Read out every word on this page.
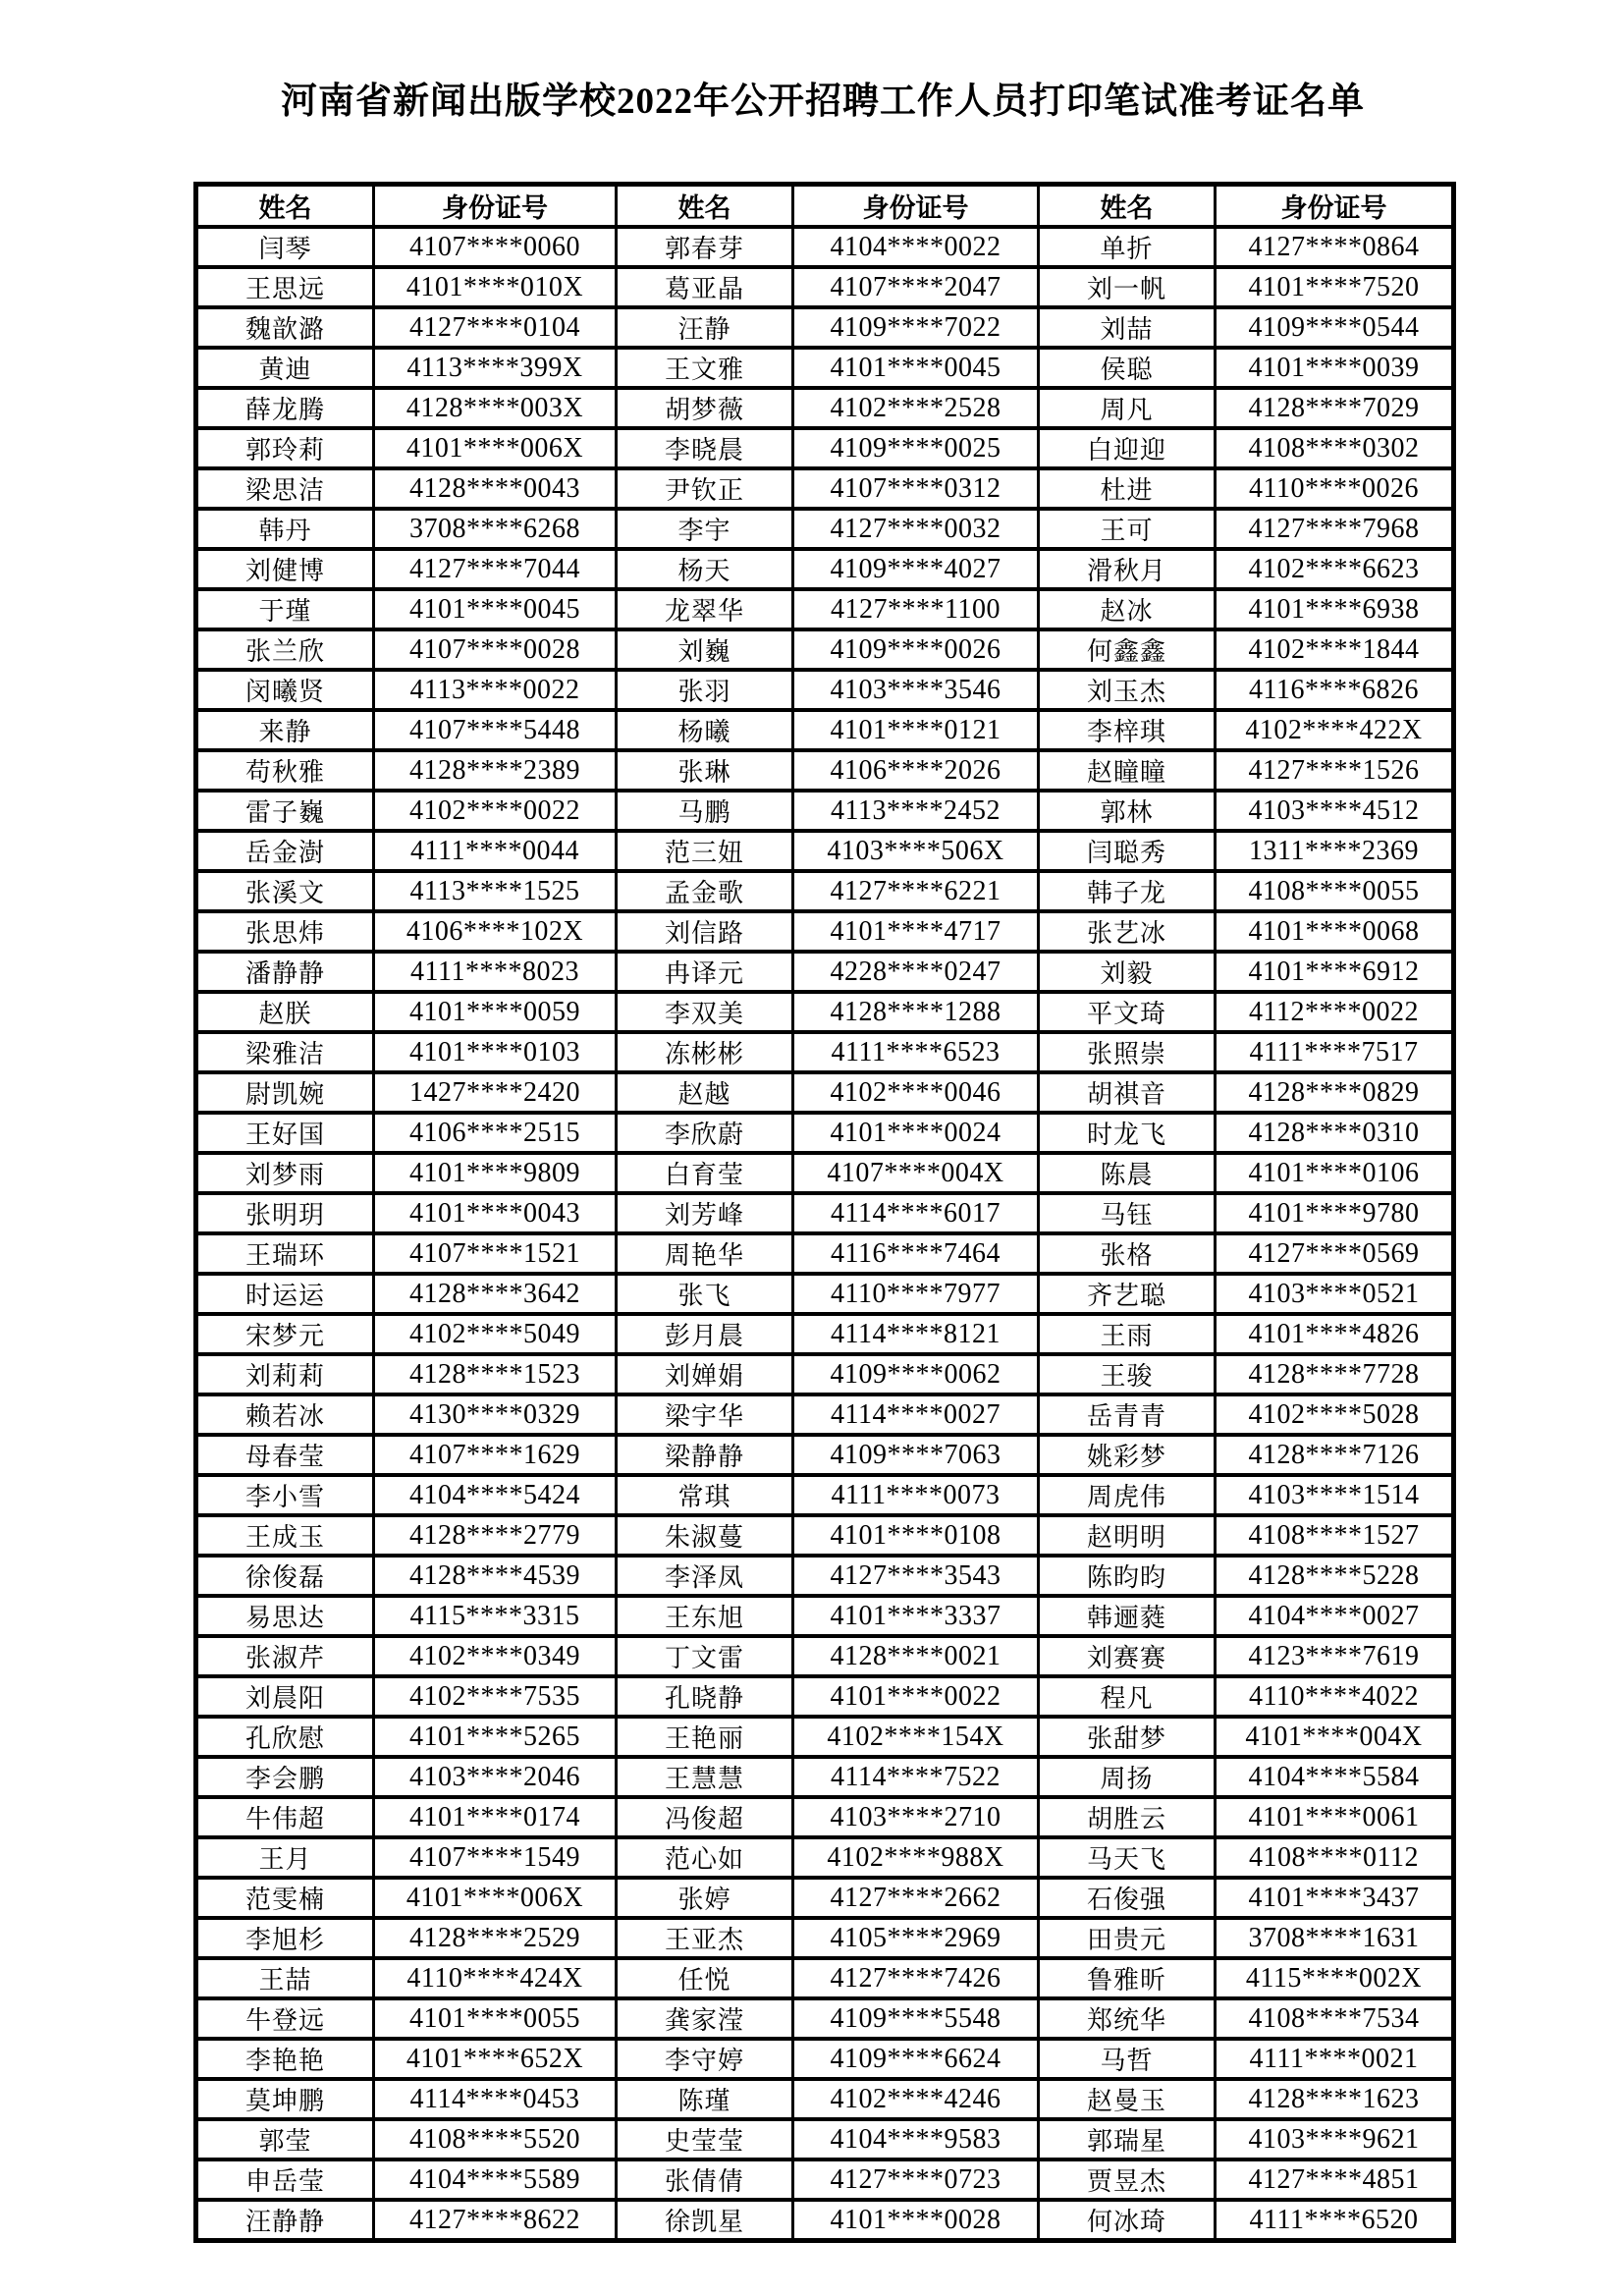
河南省新闻出版学校2022年公开招聘工作人员打印笔试准考证名单
姓名	身份证号	姓名	身份证号	姓名	身份证号
闫琴	4107****0060	郭春芽	4104****0022	单折	4127****0864
王思远	4101****010X	葛亚晶	4107****2047	刘一帆	4101****7520
魏歆潞	4127****0104	汪静	4109****7022	刘喆	4109****0544
黄迪	4113****399X	王文雅	4101****0045	侯聪	4101****0039
薛龙腾	4128****003X	胡梦薇	4102****2528	周凡	4128****7029
郭玲莉	4101****006X	李晓晨	4109****0025	白迎迎	4108****0302
梁思洁	4128****0043	尹钦正	4107****0312	杜进	4110****0026
韩丹	3708****6268	李宇	4127****0032	王可	4127****7968
刘健博	4127****7044	杨天	4109****4027	滑秋月	4102****6623
于瑾	4101****0045	龙翠华	4127****1100	赵冰	4101****6938
张兰欣	4107****0028	刘巍	4109****0026	何鑫鑫	4102****1844
闵曦贤	4113****0022	张羽	4103****3546	刘玉杰	4116****6826
来静	4107****5448	杨曦	4101****0121	李梓琪	4102****422X
苟秋雅	4128****2389	张琳	4106****2026	赵瞳瞳	4127****1526
雷子巍	4102****0022	马鹏	4113****2452	郭林	4103****4512
岳金澍	4111****0044	范三妞	4103****506X	闫聪秀	1311****2369
张溪文	4113****1525	孟金歌	4127****6221	韩子龙	4108****0055
张思炜	4106****102X	刘信路	4101****4717	张艺冰	4101****0068
潘静静	4111****8023	冉译元	4228****0247	刘毅	4101****6912
赵朕	4101****0059	李双美	4128****1288	平文琦	4112****0022
梁雅洁	4101****0103	冻彬彬	4111****6523	张照崇	4111****7517
尉凯婉	1427****2420	赵越	4102****0046	胡祺音	4128****0829
王好国	4106****2515	李欣蔚	4101****0024	时龙飞	4128****0310
刘梦雨	4101****9809	白育莹	4107****004X	陈晨	4101****0106
张明玥	4101****0043	刘芳峰	4114****6017	马钰	4101****9780
王瑞环	4107****1521	周艳华	4116****7464	张格	4127****0569
时运运	4128****3642	张飞	4110****7977	齐艺聪	4103****0521
宋梦元	4102****5049	彭月晨	4114****8121	王雨	4101****4826
刘莉莉	4128****1523	刘婵娟	4109****0062	王骏	4128****7728
赖若冰	4130****0329	梁宇华	4114****0027	岳青青	4102****5028
母春莹	4107****1629	梁静静	4109****7063	姚彩梦	4128****7126
李小雪	4104****5424	常琪	4111****0073	周虎伟	4103****1514
王成玉	4128****2779	朱淑蔓	4101****0108	赵明明	4108****1527
徐俊磊	4128****4539	李泽凤	4127****3543	陈昀昀	4128****5228
易思达	4115****3315	王东旭	4101****3337	韩逦蕤	4104****0027
张淑芹	4102****0349	丁文雷	4128****0021	刘赛赛	4123****7619
刘晨阳	4102****7535	孔晓静	4101****0022	程凡	4110****4022
孔欣慰	4101****5265	王艳丽	4102****154X	张甜梦	4101****004X
李会鹏	4103****2046	王慧慧	4114****7522	周扬	4104****5584
牛伟超	4101****0174	冯俊超	4103****2710	胡胜云	4101****0061
王月	4107****1549	范心如	4102****988X	马天飞	4108****0112
范雯楠	4101****006X	张婷	4127****2662	石俊强	4101****3437
李旭杉	4128****2529	王亚杰	4105****2969	田贵元	3708****1631
王喆	4110****424X	任悦	4127****7426	鲁雅昕	4115****002X
牛登远	4101****0055	龚家滢	4109****5548	郑统华	4108****7534
李艳艳	4101****652X	李守婷	4109****6624	马哲	4111****0021
莫坤鹏	4114****0453	陈瑾	4102****4246	赵曼玉	4128****1623
郭莹	4108****5520	史莹莹	4104****9583	郭瑞星	4103****9621
申岳莹	4104****5589	张倩倩	4127****0723	贾昱杰	4127****4851
汪静静	4127****8622	徐凯星	4101****0028	何冰琦	4111****6520
